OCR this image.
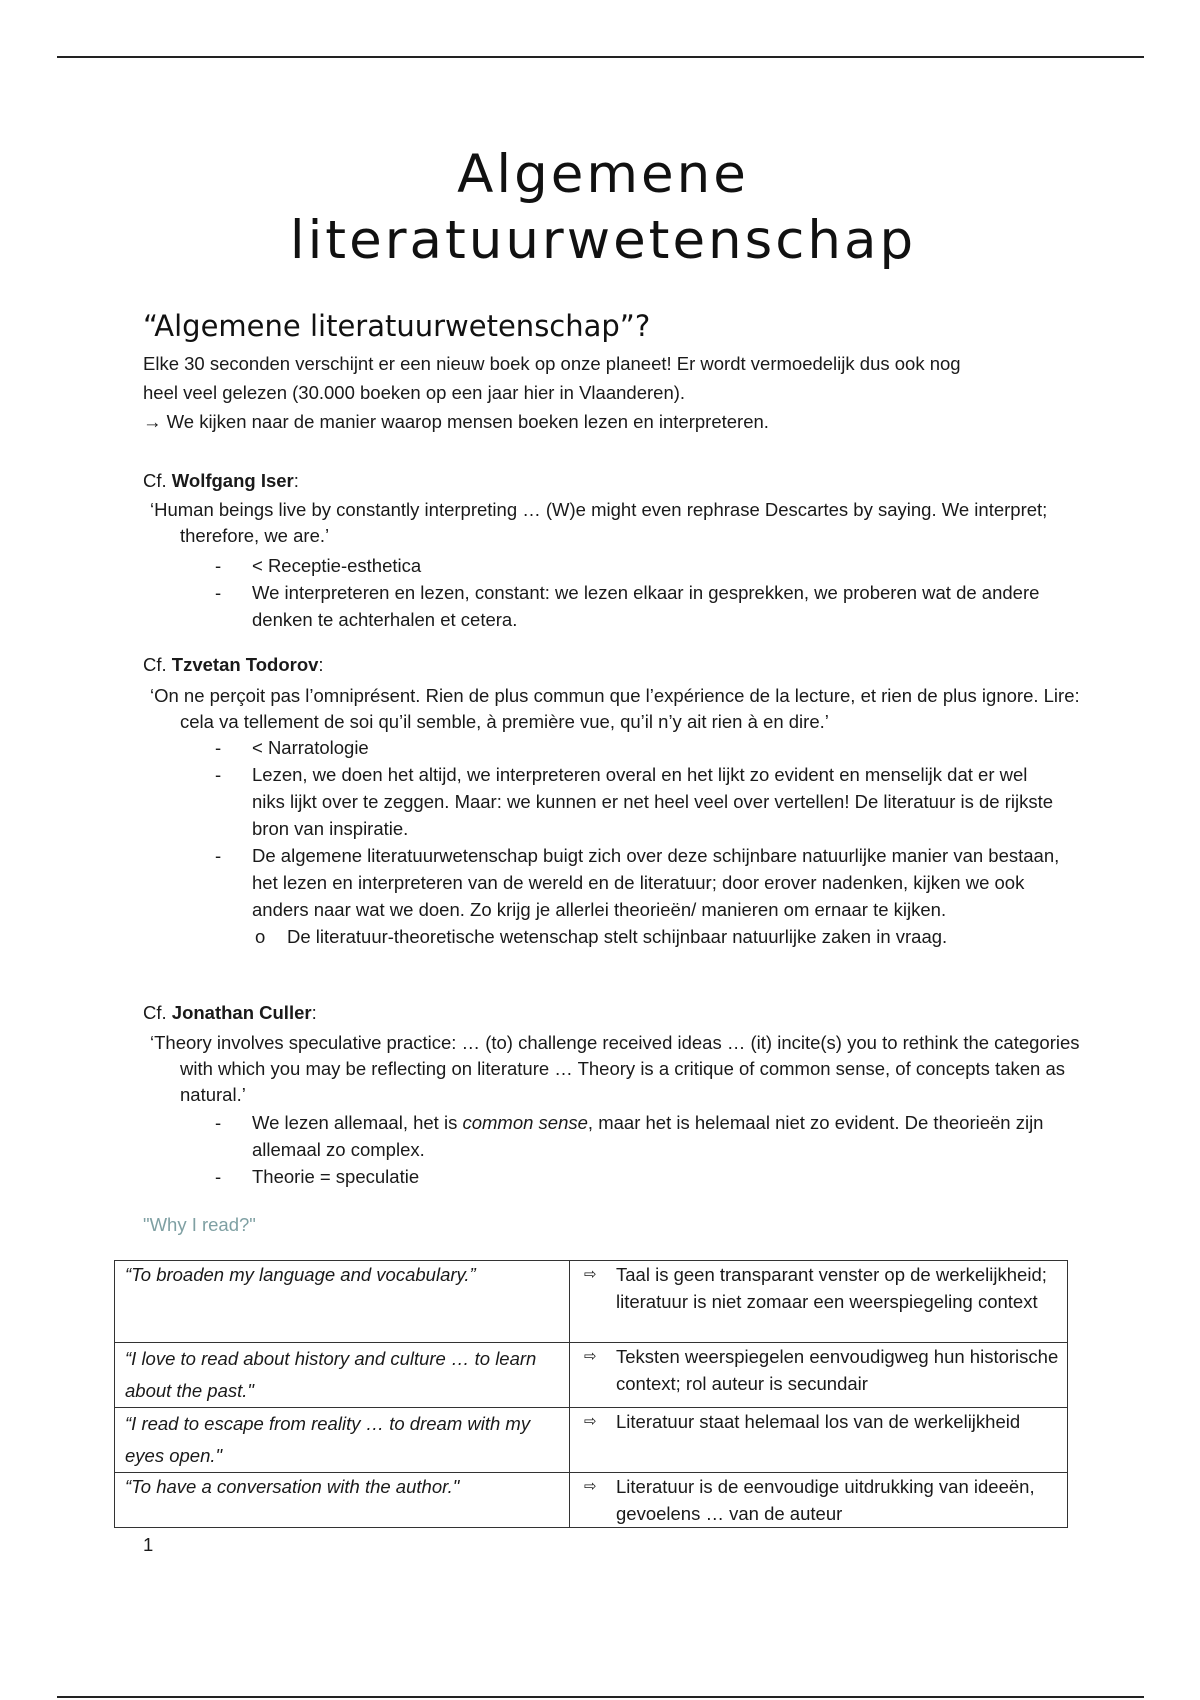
Algemene
literatuurwetenschap
“Algemene literatuurwetenschap”?
Elke 30 seconden verschijnt er een nieuw boek op onze planeet! Er wordt vermoedelijk dus ook nog
heel veel gelezen (30.000 boeken op een jaar hier in Vlaanderen).
→ We kijken naar de manier waarop mensen boeken lezen en interpreteren.

Cf. Wolfgang Iser:

‘Human beings live by constantly interpreting … (W)e might even rephrase Descartes by saying. We interpret; therefore, we are.’

-	< Receptie-esthetica
-	We interpreteren en lezen, constant: we lezen elkaar in gesprekken, we proberen wat de andere denken te achterhalen et cetera.

Cf. Tzvetan Todorov:

‘On ne perçoit pas l’omniprésent. Rien de plus commun que l’expérience de la lecture, et rien de plus ignore. Lire: cela va tellement de soi qu’il semble, à première vue, qu’il n’y ait rien à en dire.’

-	< Narratologie
-	Lezen, we doen het altijd, we interpreteren overal en het lijkt zo evident en menselijk dat er wel niks lijkt over te zeggen. Maar: we kunnen er net heel veel over vertellen! De literatuur is de rijkste bron van inspiratie.
-	De algemene literatuurwetenschap buigt zich over deze schijnbare natuurlijke manier van bestaan, het lezen en interpreteren van de wereld en de literatuur; door erover nadenken, kijken we ook anders naar wat we doen. Zo krijg je allerlei theorieën/ manieren om ernaar te kijken.
o De literatuur-theoretische wetenschap stelt schijnbaar natuurlijke zaken in vraag.

Cf. Jonathan Culler:

‘Theory involves speculative practice: … (to) challenge received ideas … (it) incite(s) you to rethink the categories with which you may be reflecting on literature … Theory is a critique of common sense, of concepts taken as natural.’

-	We lezen allemaal, het is common sense, maar het is helemaal niet zo evident. De theorieën zijn allemaal zo complex.
-	Theorie = speculatie

"Why I read?"

“To broaden my language and vocabulary.”	⇨ Taal is geen transparant venster op de werkelijkheid; literatuur is niet zomaar een weerspiegeling context
“I love to read about history and culture … to learn about the past."	⇨ Teksten weerspiegelen eenvoudigweg hun historische context; rol auteur is secundair
“I read to escape from reality … to dream with my eyes open."	⇨ Literatuur staat helemaal los van de werkelijkheid
“To have a conversation with the author."	⇨ Literatuur is de eenvoudige uitdrukking van ideeën, gevoelens … van de auteur

1
